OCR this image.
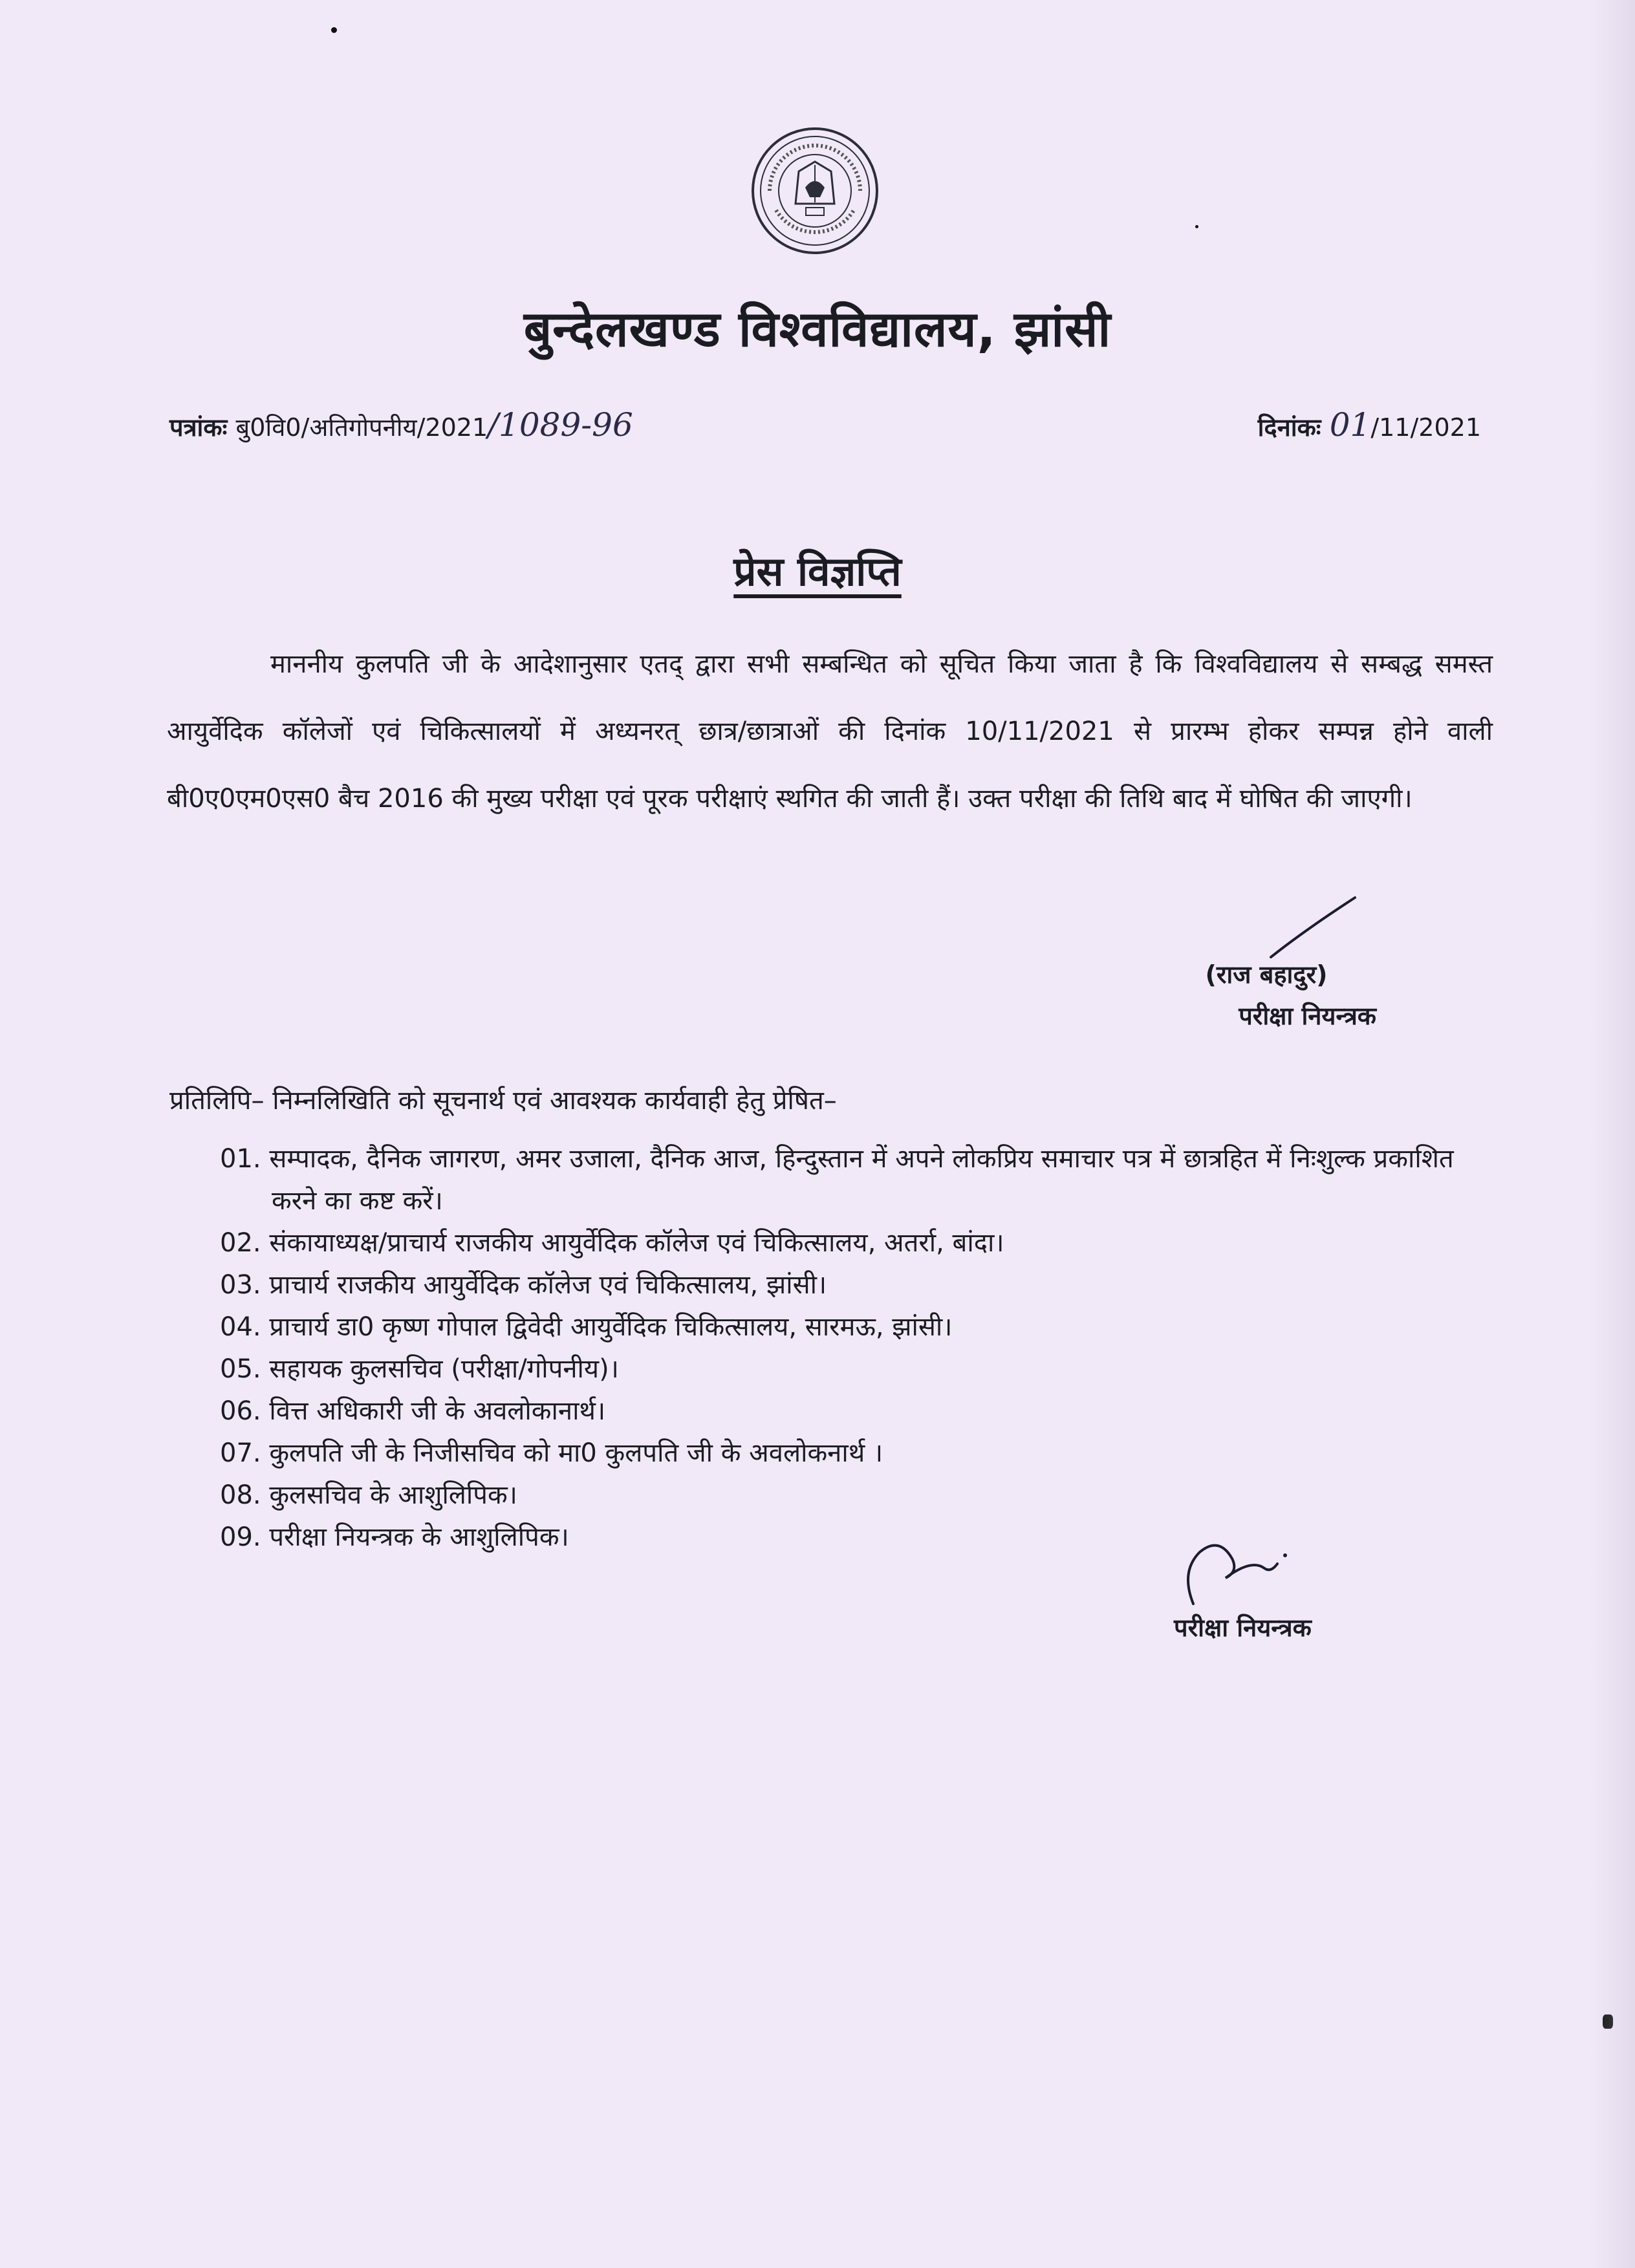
बुन्देलखण्ड विश्वविद्यालय, झांसी
पत्रांकः बु0वि0/अतिगोपनीय/2021/1089-96	दिनांकः 01/11/2021
प्रेस विज्ञप्ति
माननीय कुलपति जी के आदेशानुसार एतद् द्वारा सभी सम्बन्धित को सूचित किया जाता है कि विश्वविद्यालय से सम्बद्ध समस्त आयुर्वेदिक कॉलेजों एवं चिकित्सालयों में अध्यनरत् छात्र/छात्राओं की दिनांक 10/11/2021 से प्रारम्भ होकर सम्पन्न होने वाली बी0ए0एम0एस0 बैच 2016 की मुख्य परीक्षा एवं पूरक परीक्षाएं स्थगित की जाती हैं। उक्त परीक्षा की तिथि बाद में घोषित की जाएगी।
(राज बहादुर)
परीक्षा नियन्त्रक
प्रतिलिपि– निम्नलिखिति को सूचनार्थ एवं आवश्यक कार्यवाही हेतु प्रेषित–
01. सम्पादक, दैनिक जागरण, अमर उजाला, दैनिक आज, हिन्दुस्तान में अपने लोकप्रिय समाचार पत्र में छात्रहित में निःशुल्क प्रकाशित करने का कष्ट करें।
02. संकायाध्यक्ष/प्राचार्य राजकीय आयुर्वेदिक कॉलेज एवं चिकित्सालय, अतर्रा, बांदा।
03. प्राचार्य राजकीय आयुर्वेदिक कॉलेज एवं चिकित्सालय, झांसी।
04. प्राचार्य डा0 कृष्ण गोपाल द्विवेदी आयुर्वेदिक चिकित्सालय, सारमऊ, झांसी।
05. सहायक कुलसचिव (परीक्षा/गोपनीय)।
06. वित्त अधिकारी जी के अवलोकानार्थ।
07. कुलपति जी के निजीसचिव को मा0 कुलपति जी के अवलोकनार्थ ।
08. कुलसचिव के आशुलिपिक।
09. परीक्षा नियन्त्रक के आशुलिपिक।
परीक्षा नियन्त्रक
